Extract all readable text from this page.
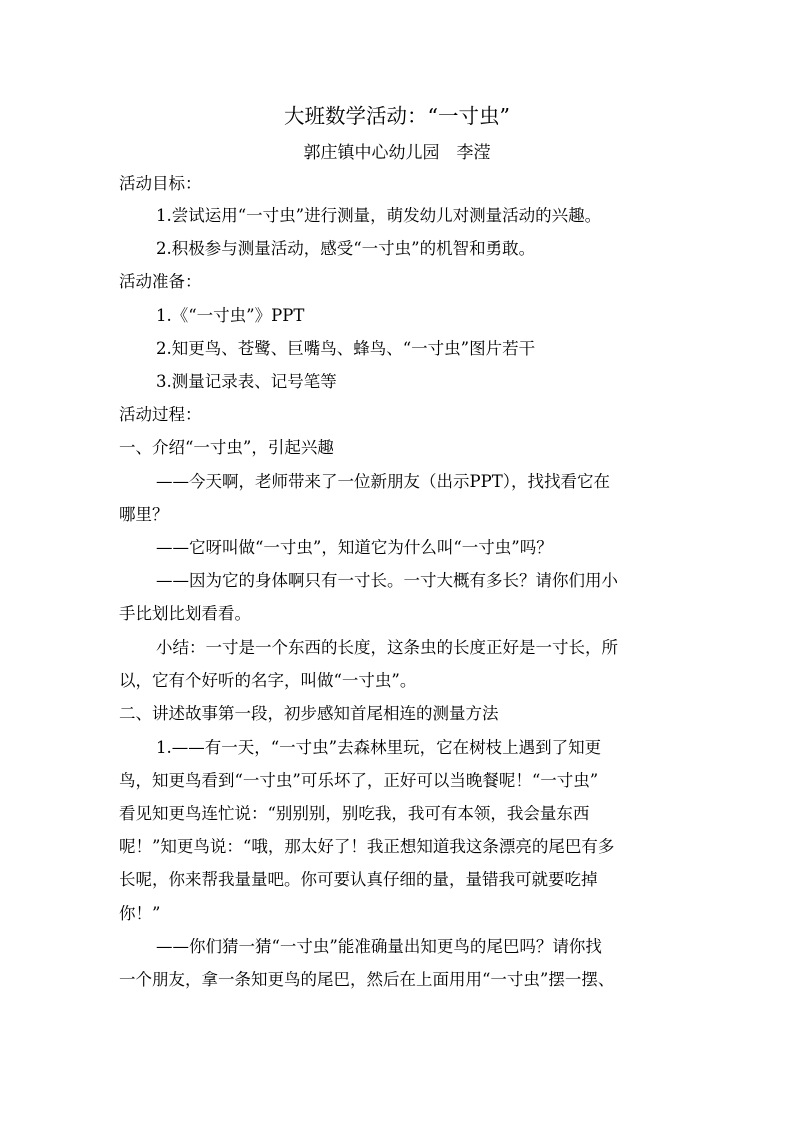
大班数学活动：“一寸虫”
郭庄镇中心幼儿园　李滢
活动目标：
1.尝试运用“一寸虫”进行测量，萌发幼儿对测量活动的兴趣。
2.积极参与测量活动，感受“一寸虫”的机智和勇敢。
活动准备：
1.《“一寸虫”》PPT
2.知更鸟、苍鹭、巨嘴鸟、蜂鸟、“一寸虫”图片若干
3.测量记录表、记号笔等
活动过程：
一、介绍“一寸虫”，引起兴趣
——今天啊，老师带来了一位新朋友（出示PPT），找找看它在
哪里？
——它呀叫做“一寸虫”，知道它为什么叫“一寸虫”吗？
——因为它的身体啊只有一寸长。一寸大概有多长？请你们用小
手比划比划看看。
小结：一寸是一个东西的长度，这条虫的长度正好是一寸长，所
以，它有个好听的名字，叫做“一寸虫”。
二、讲述故事第一段，初步感知首尾相连的测量方法
1.——有一天，“一寸虫”去森林里玩，它在树枝上遇到了知更
鸟，知更鸟看到“一寸虫”可乐坏了，正好可以当晚餐呢！“一寸虫”
看见知更鸟连忙说：“别别别，别吃我，我可有本领，我会量东西
呢！”知更鸟说：“哦，那太好了！我正想知道我这条漂亮的尾巴有多
长呢，你来帮我量量吧。你可要认真仔细的量，量错我可就要吃掉
你！”
——你们猜一猜“一寸虫”能准确量出知更鸟的尾巴吗？请你找
一个朋友，拿一条知更鸟的尾巴，然后在上面用用“一寸虫”摆一摆、
